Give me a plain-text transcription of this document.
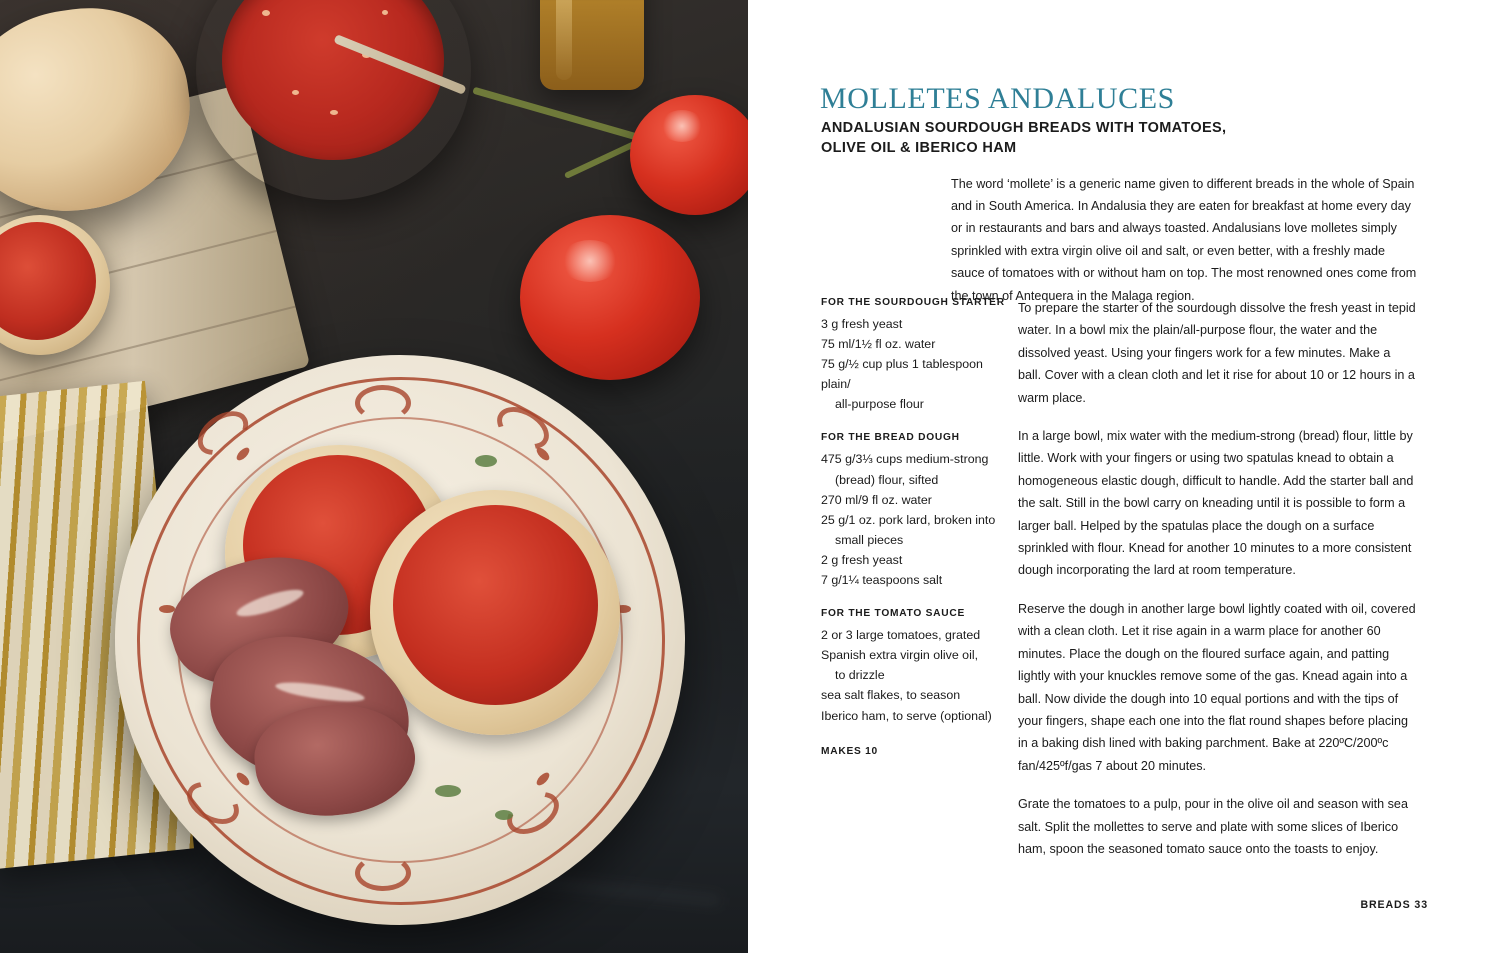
MOLLETES ANDALUCES
ANDALUSIAN SOURDOUGH BREADS WITH TOMATOES, OLIVE OIL & IBERICO HAM

The word ‘mollete’ is a generic name given to different breads in the whole of Spain and in South America. In Andalusia they are eaten for breakfast at home every day or in restaurants and bars and always toasted. Andalusians love molletes simply sprinkled with extra virgin olive oil and salt, or even better, with a freshly made sauce of tomatoes with or without ham on top. The most renowned ones come from the town of Antequera in the Malaga region.

FOR THE SOURDOUGH STARTER
3 g fresh yeast
75 ml/1½ fl oz. water
75 g/½ cup plus 1 tablespoon plain/
all-purpose flour
FOR THE BREAD DOUGH
475 g/3⅓ cups medium-strong
(bread) flour, sifted
270 ml/9 fl oz. water
25 g/1 oz. pork lard, broken into
small pieces
2 g fresh yeast
7 g/1¼ teaspoons salt
FOR THE TOMATO SAUCE
2 or 3 large tomatoes, grated
Spanish extra virgin olive oil,
to drizzle
sea salt flakes, to season
Iberico ham, to serve (optional)
MAKES 10

To prepare the starter of the sourdough dissolve the fresh yeast in tepid water. In a bowl mix the plain/all-purpose flour, the water and the dissolved yeast. Using your fingers work for a few minutes. Make a ball. Cover with a clean cloth and let it rise for about 10 or 12 hours in a warm place.

In a large bowl, mix water with the medium-strong (bread) flour, little by little. Work with your fingers or using two spatulas knead to obtain a homogeneous elastic dough, difficult to handle. Add the starter ball and the salt. Still in the bowl carry on kneading until it is possible to form a larger ball. Helped by the spatulas place the dough on a surface sprinkled with flour. Knead for another 10 minutes to a more consistent dough incorporating the lard at room temperature.

Reserve the dough in another large bowl lightly coated with oil, covered with a clean cloth. Let it rise again in a warm place for another 60 minutes. Place the dough on the floured surface again, and patting lightly with your knuckles remove some of the gas. Knead again into a ball. Now divide the dough into 10 equal portions and with the tips of your fingers, shape each one into the flat round shapes before placing in a baking dish lined with baking parchment. Bake at 220ºC/200ºc fan/425ºf/gas 7 about 20 minutes.

Grate the tomatoes to a pulp, pour in the olive oil and season with sea salt. Split the mollettes to serve and plate with some slices of Iberico ham, spoon the seasoned tomato sauce onto the toasts to enjoy.

BREADS 33
